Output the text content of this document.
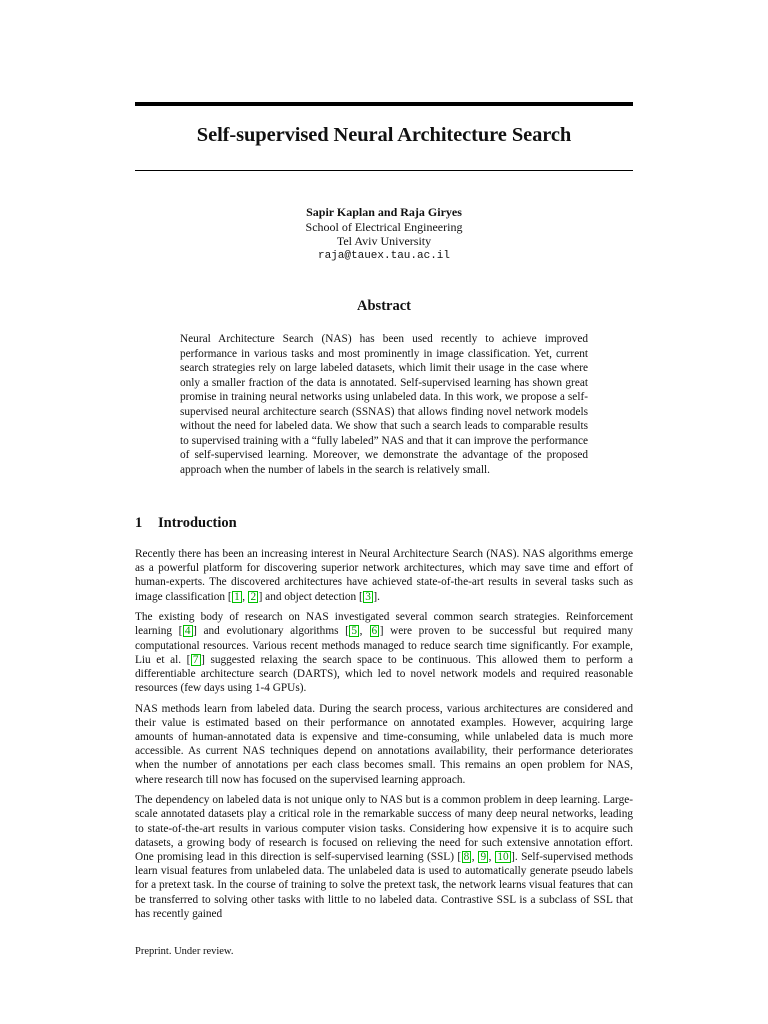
Self-supervised Neural Architecture Search
Sapir Kaplan and Raja Giryes
School of Electrical Engineering
Tel Aviv University
raja@tauex.tau.ac.il
Abstract

Neural Architecture Search (NAS) has been used recently to achieve improved performance in various tasks and most prominently in image classification. Yet, current search strategies rely on large labeled datasets, which limit their usage in the case where only a smaller fraction of the data is annotated. Self-supervised learning has shown great promise in training neural networks using unlabeled data. In this work, we propose a self-supervised neural architecture search (SSNAS) that allows finding novel network models without the need for labeled data. We show that such a search leads to comparable results to supervised training with a “fully labeled” NAS and that it can improve the performance of self-supervised learning. Moreover, we demonstrate the advantage of the proposed approach when the number of labels in the search is relatively small.

1 Introduction

Recently there has been an increasing interest in Neural Architecture Search (NAS). NAS algorithms emerge as a powerful platform for discovering superior network architectures, which may save time and effort of human-experts. The discovered architectures have achieved state-of-the-art results in several tasks such as image classification [ 1 , 2 ] and object detection [ 3 ].

The existing body of research on NAS investigated several common search strategies. Reinforcement learning [ 4 ] and evolutionary algorithms [ 5 , 6 ] were proven to be successful but required many computational resources. Various recent methods managed to reduce search time significantly. For example, Liu et al. [ 7 ] suggested relaxing the search space to be continuous. This allowed them to perform a differentiable architecture search (DARTS), which led to novel network models and required reasonable resources (few days using 1-4 GPUs).

NAS methods learn from labeled data. During the search process, various architectures are considered and their value is estimated based on their performance on annotated examples. However, acquiring large amounts of human-annotated data is expensive and time-consuming, while unlabeled data is much more accessible. As current NAS techniques depend on annotations availability, their performance deteriorates when the number of annotations per each class becomes small. This remains an open problem for NAS, where research till now has focused on the supervised learning approach.

The dependency on labeled data is not unique only to NAS but is a common problem in deep learning. Large-scale annotated datasets play a critical role in the remarkable success of many deep neural networks, leading to state-of-the-art results in various computer vision tasks. Considering how expensive it is to acquire such datasets, a growing body of research is focused on relieving the need for such extensive annotation effort. One promising lead in this direction is self-supervised learning (SSL) [ 8 , 9 , 10 ]. Self-supervised methods learn visual features from unlabeled data. The unlabeled data is used to automatically generate pseudo labels for a pretext task. In the course of training to solve the pretext task, the network learns visual features that can be transferred to solving other tasks with little to no labeled data. Contrastive SSL is a subclass of SSL that has recently gained

Preprint. Under review.
